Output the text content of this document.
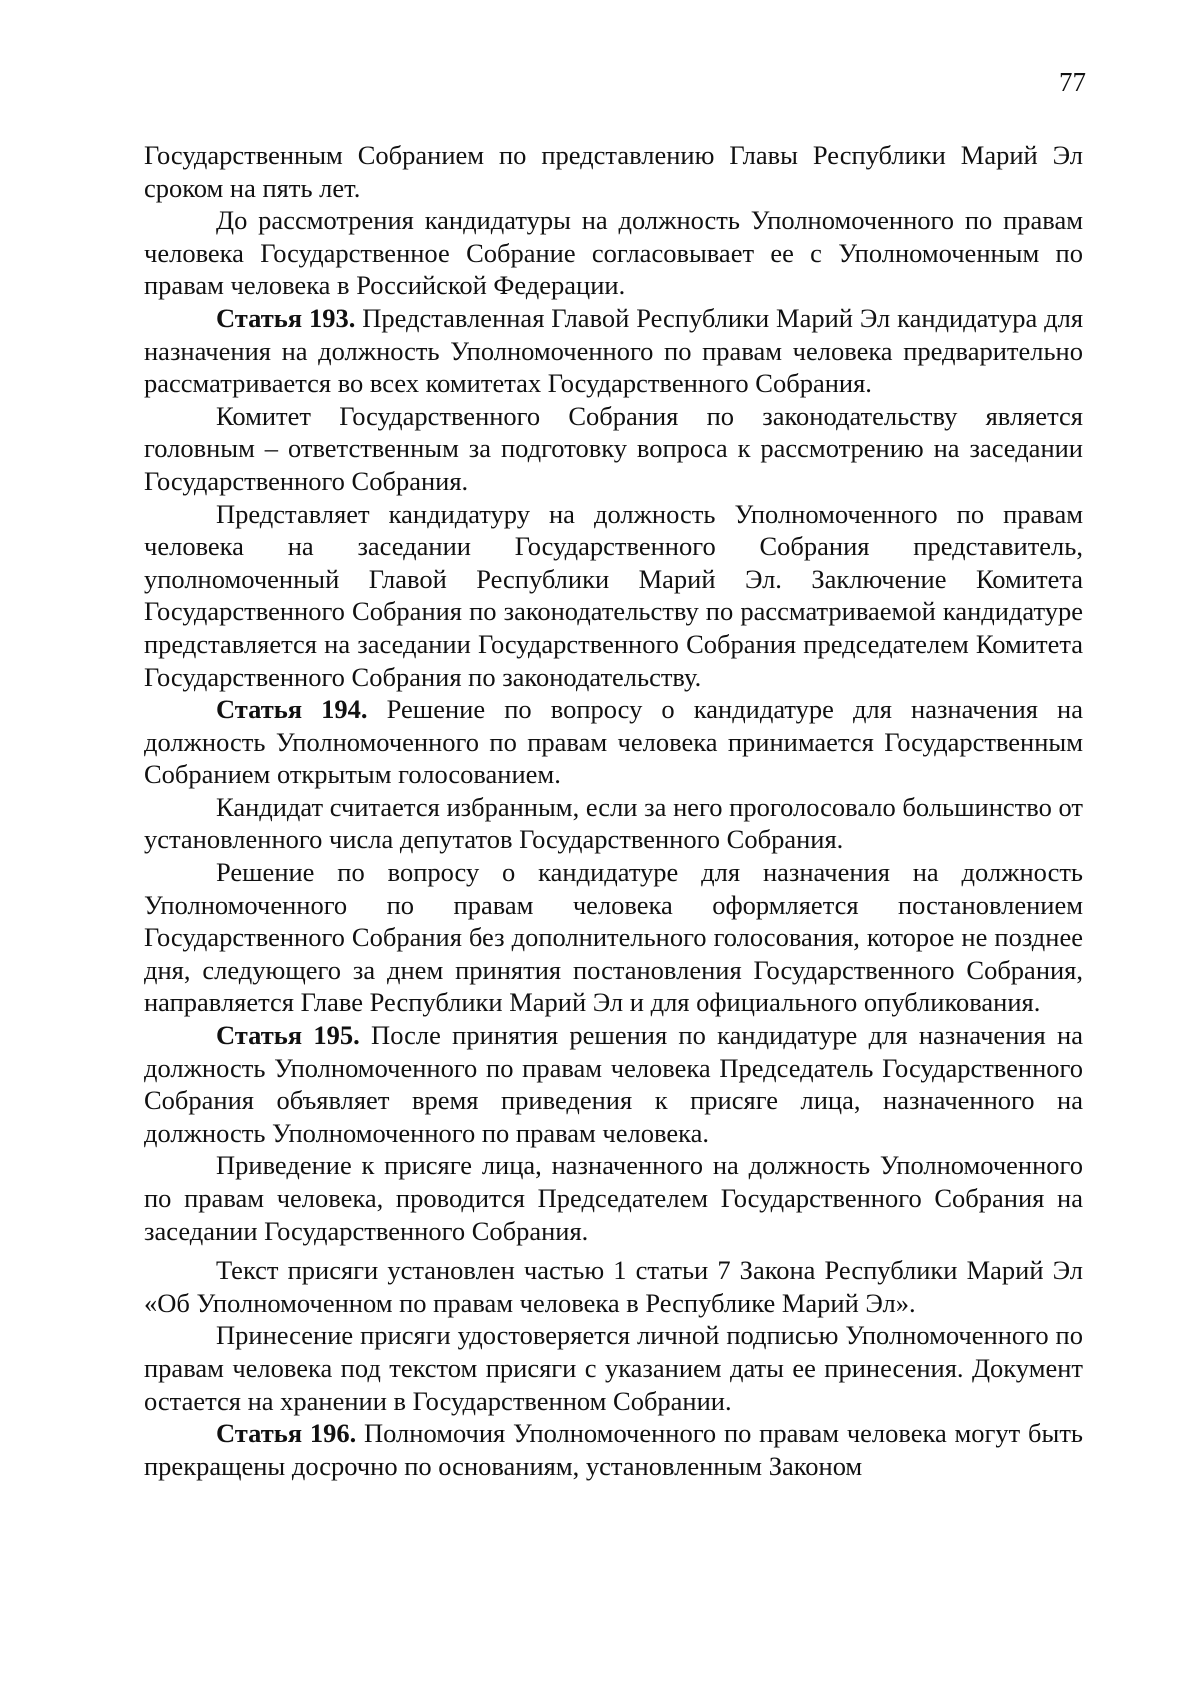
77

Государственным Собранием по представлению Главы Республики Марий Эл сроком на пять лет.

До рассмотрения кандидатуры на должность Уполномоченного по правам человека Государственное Собрание согласовывает ее с Уполномоченным по правам человека в Российской Федерации.

Статья 193. Представленная Главой Республики Марий Эл кандидатура для назначения на должность Уполномоченного по правам человека предварительно рассматривается во всех комитетах Государственного Собрания.

Комитет Государственного Собрания по законодательству является головным – ответственным за подготовку вопроса к рассмотрению на заседании Государственного Собрания.

Представляет кандидатуру на должность Уполномоченного по правам человека на заседании Государственного Собрания представитель, уполномоченный Главой Республики Марий Эл. Заключение Комитета Государственного Собрания по законодательству по рассматриваемой кандидатуре представляется на заседании Государственного Собрания председателем Комитета Государственного Собрания по законодательству.

Статья 194. Решение по вопросу о кандидатуре для назначения на должность Уполномоченного по правам человека принимается Государственным Собранием открытым голосованием.

Кандидат считается избранным, если за него проголосовало большинство от установленного числа депутатов Государственного Собрания.

Решение по вопросу о кандидатуре для назначения на должность Уполномоченного по правам человека оформляется постановлением Государственного Собрания без дополнительного голосования, которое не позднее дня, следующего за днем принятия постановления Государственного Собрания, направляется Главе Республики Марий Эл и для официального опубликования.

Статья 195. После принятия решения по кандидатуре для назначения на должность Уполномоченного по правам человека Председатель Государственного Собрания объявляет время приведения к присяге лица, назначенного на должность Уполномоченного по правам человека.

Приведение к присяге лица, назначенного на должность Уполномоченного по правам человека, проводится Председателем Государственного Собрания на заседании Государственного Собрания.

Текст присяги установлен частью 1 статьи 7 Закона Республики Марий Эл «Об Уполномоченном по правам человека в Республике Марий Эл».

Принесение присяги удостоверяется личной подписью Уполномоченного по правам человека под текстом присяги с указанием даты ее принесения. Документ остается на хранении в Государственном Собрании.

Статья 196. Полномочия Уполномоченного по правам человека могут быть прекращены досрочно по основаниям, установленным Законом
